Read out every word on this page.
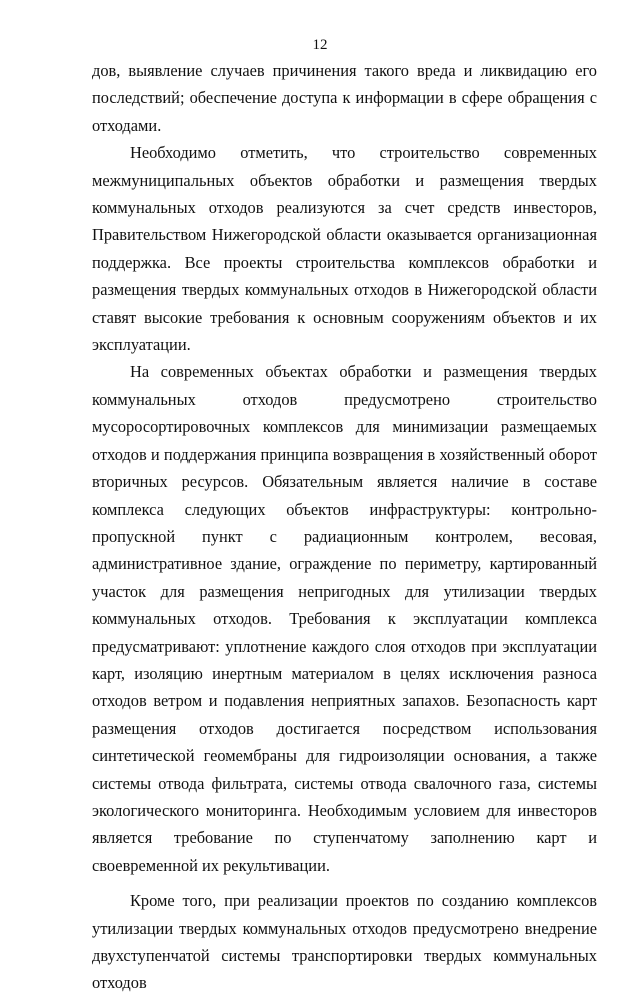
12

дов, выявление случаев причинения такого вреда и ликвидацию его последствий; обеспечение доступа к информации в сфере обращения с отходами.

Необходимо отметить, что строительство современных межмуниципальных объектов обработки и размещения твердых коммунальных отходов реализуются за счет средств инвесторов, Правительством Нижегородской области оказывается организационная поддержка. Все проекты строительства комплексов обработки и размещения твердых коммунальных отходов в Нижегородской области ставят высокие требования к основным сооружениям объектов и их эксплуатации.

На современных объектах обработки и размещения твердых коммунальных отходов предусмотрено строительство мусоросортировочных комплексов для минимизации размещаемых отходов и поддержания принципа возвращения в хозяйственный оборот вторичных ресурсов. Обязательным является наличие в составе комплекса следующих объектов инфраструктуры: контрольно-пропускной пункт с радиационным контролем, весовая, административное здание, ограждение по периметру, картированный участок для размещения непригодных для утилизации твердых коммунальных отходов. Требования к эксплуатации комплекса предусматривают: уплотнение каждого слоя отходов при эксплуатации карт, изоляцию инертным материалом в целях исключения разноса отходов ветром и подавления неприятных запахов. Безопасность карт размещения отходов достигается посредством использования синтетической геомембраны для гидроизоляции основания, а также системы отвода фильтрата, системы отвода свалочного газа, системы экологического мониторинга. Необходимым условием для инвесторов является требование по ступенчатому заполнению карт и своевременной их рекультивации.

Кроме того, при реализации проектов по созданию комплексов утилизации твердых коммунальных отходов предусмотрено внедрение двухступенчатой системы транспортировки твердых коммунальных отходов
